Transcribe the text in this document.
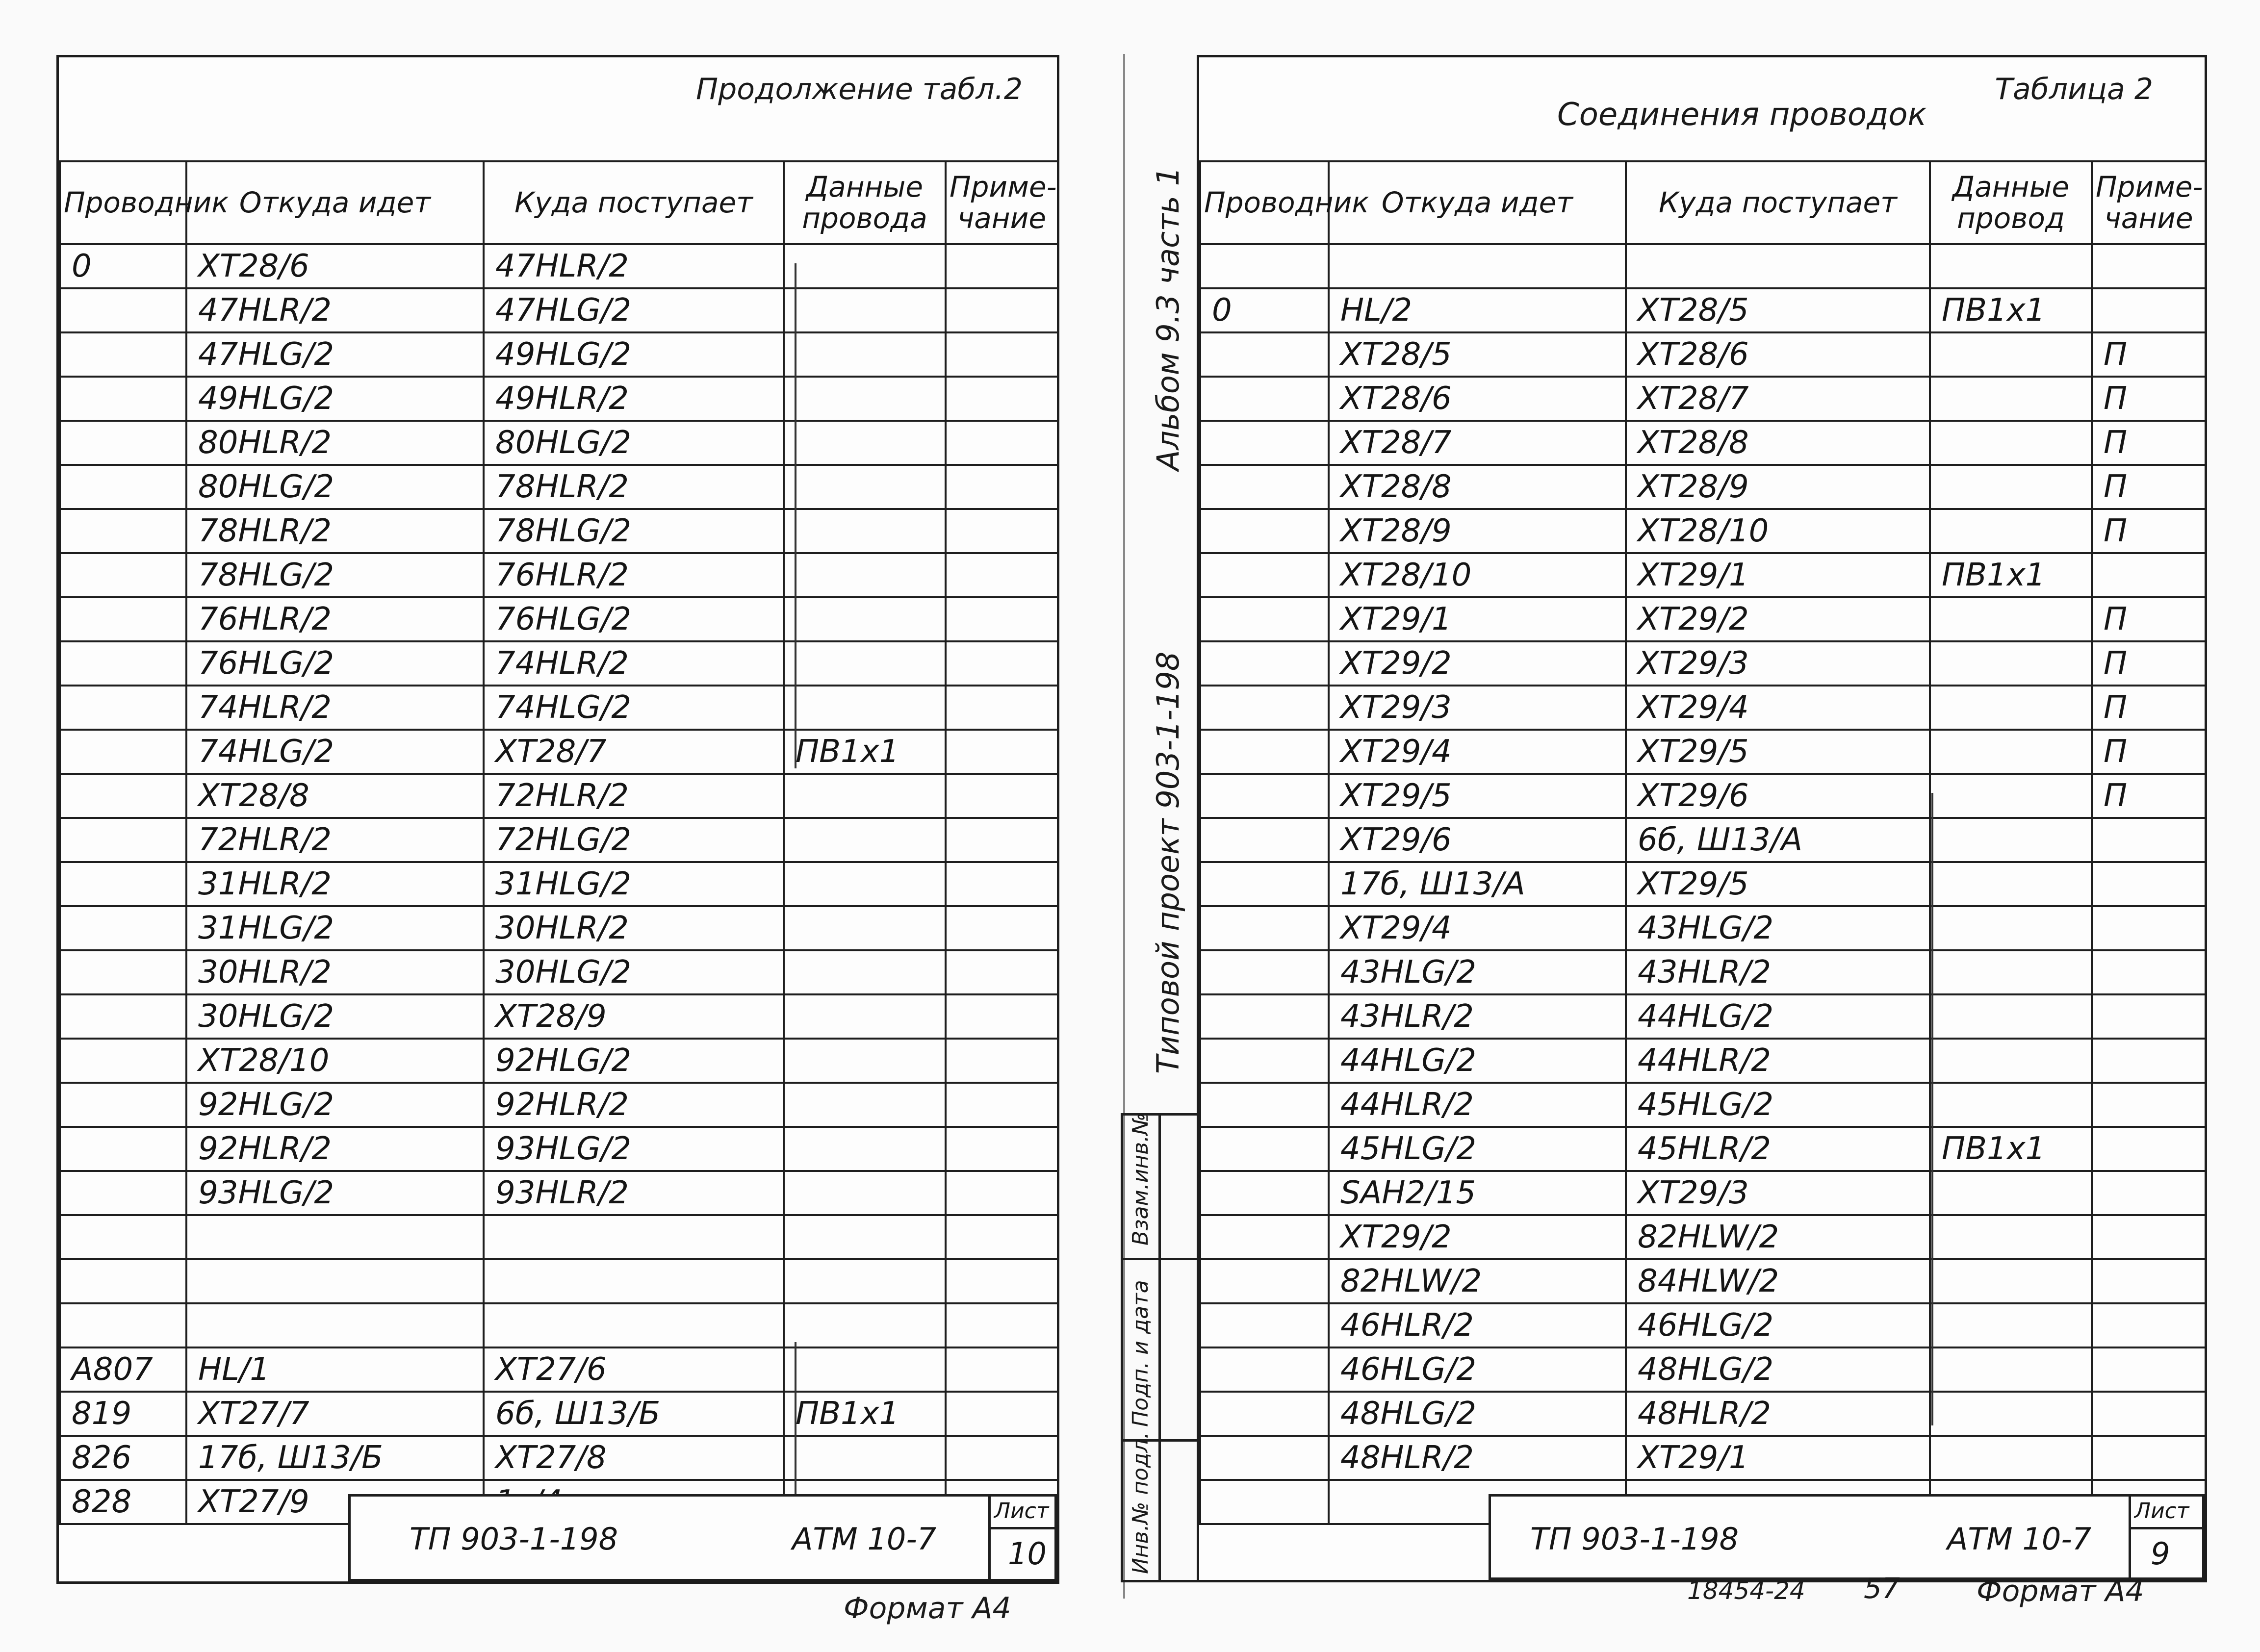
Продолжение табл.2
Проводник	Откуда идет	Куда поступает	Данные провода	Приме-чание
0	XT28/6	47HLR/2		
	47HLR/2	47HLG/2		
	47HLG/2	49HLG/2		
	49HLG/2	49HLR/2		
	80HLR/2	80HLG/2		
	80HLG/2	78HLR/2		
	78HLR/2	78HLG/2		
	78HLG/2	76HLR/2		
	76HLR/2	76HLG/2		
	76HLG/2	74HLR/2		
	74HLR/2	74HLG/2		
	74HLG/2	XT28/7	ПВ1х1	
	XT28/8	72HLR/2		
	72HLR/2	72HLG/2		
	31HLR/2	31HLG/2		
	31HLG/2	30HLR/2		
	30HLR/2	30HLG/2		
	30HLG/2	XT28/9		
	XT28/10	92HLG/2		
	92HLG/2	92HLR/2		
	92HLR/2	93HLG/2		
	93HLG/2	93HLR/2		

A807	HL/1	XT27/6		
819	XT27/7	6б, Ш13/Б	ПВ1х1	
826	17б, Ш13/Б	XT27/8		
828	XT27/9			
ТП 903-1-198	АТМ 10-7
Лист
10
Формат А4
Таблица 2
Соединения проводок
Проводник	Откуда идет	Куда поступает	Данные провод	Приме-чание

0	HL/2	XT28/5	ПВ1х1	
	XT28/5	XT28/6		П
	XT28/6	XT28/7		П
	XT28/7	XT28/8		П
	XT28/8	XT28/9		П
	XT28/9	XT28/10		П
	XT28/10	XT29/1	ПВ1х1	
	XT29/1	XT29/2		П
	XT29/2	XT29/3		П
	XT29/3	XT29/4		П
	XT29/4	XT29/5		П
	XT29/5	XT29/6		П
	XT29/6	6б, Ш13/А		
	17б, Ш13/А	XT29/5		
	XT29/4	43HLG/2		
	43HLG/2	43HLR/2		
	43HLR/2	44HLG/2		
	44HLG/2	44HLR/2		
	44HLR/2	45HLG/2		
	45HLG/2	45HLR/2	ПВ1х1	
	SAH2/15	XT29/3		
	XT29/2	82HLW/2		
	82HLW/2	84HLW/2		
	46HLR/2	46HLG/2		
	46HLG/2	48HLG/2		
	48HLG/2	48HLR/2		
	48HLR/2	XT29/1		

ТП 903-1-198	АТМ 10-7
Лист
9
Альбом 9.3 часть 1
Типовой проект 903-1-198
Взам.инв.№
Подп. и дата
Инв.№ подл.
18454-24 57	Формат А4
